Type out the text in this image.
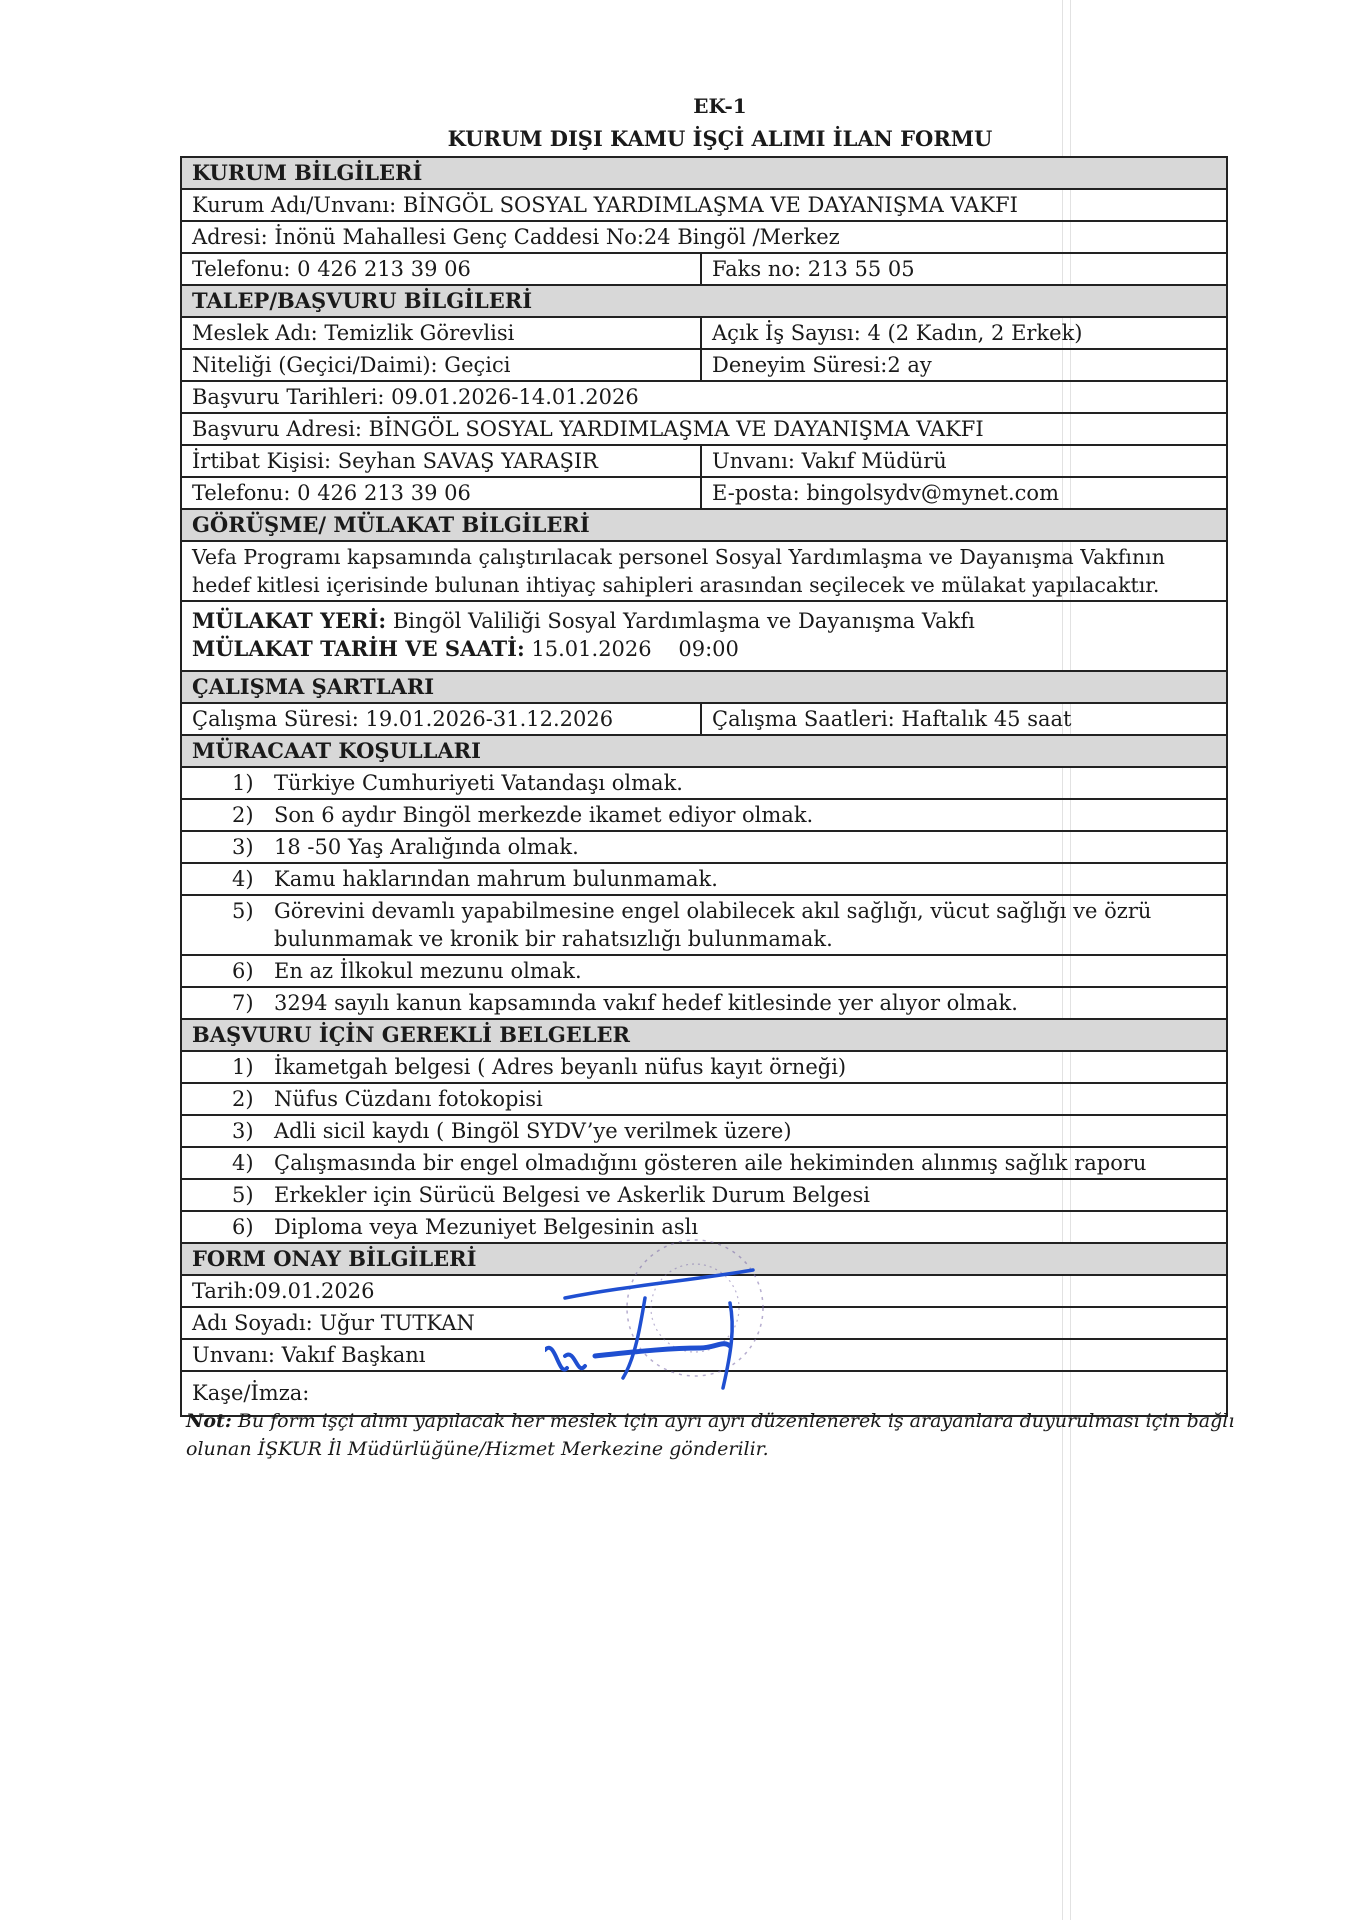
EK-1
KURUM DIŞI KAMU İŞÇİ ALIMI İLAN FORMU
KURUM BİLGİLERİ
Kurum Adı/Unvanı: BİNGÖL SOSYAL YARDIMLAŞMA VE DAYANIŞMA VAKFI
Adresi: İnönü Mahallesi Genç Caddesi No:24 Bingöl /Merkez
Telefonu: 0 426 213 39 06	Faks no: 213 55 05
TALEP/BAŞVURU BİLGİLERİ
Meslek Adı: Temizlik Görevlisi	Açık İş Sayısı: 4 (2 Kadın, 2 Erkek)
Niteliği (Geçici/Daimi): Geçici	Deneyim Süresi:2 ay
Başvuru Tarihleri: 09.01.2026-14.01.2026
Başvuru Adresi: BİNGÖL SOSYAL YARDIMLAŞMA VE DAYANIŞMA VAKFI
İrtibat Kişisi: Seyhan SAVAŞ YARAŞIR	Unvanı: Vakıf Müdürü
Telefonu: 0 426 213 39 06	E-posta: bingolsydv@mynet.com
GÖRÜŞME/ MÜLAKAT BİLGİLERİ
Vefa Programı kapsamında çalıştırılacak personel Sosyal Yardımlaşma ve Dayanışma Vakfının hedef kitlesi içerisinde bulunan ihtiyaç sahipleri arasından seçilecek ve mülakat yapılacaktır.
MÜLAKAT YERİ: Bingöl Valiliği Sosyal Yardımlaşma ve Dayanışma Vakfı
MÜLAKAT TARİH VE SAATİ: 15.01.2026 09:00
ÇALIŞMA ŞARTLARI
Çalışma Süresi: 19.01.2026-31.12.2026	Çalışma Saatleri: Haftalık 45 saat
MÜRACAAT KOŞULLARI
1) Türkiye Cumhuriyeti Vatandaşı olmak.
2) Son 6 aydır Bingöl merkezde ikamet ediyor olmak.
3) 18 -50 Yaş Aralığında olmak.
4) Kamu haklarından mahrum bulunmamak.
5) Görevini devamlı yapabilmesine engel olabilecek akıl sağlığı, vücut sağlığı ve özrü bulunmamak ve kronik bir rahatsızlığı bulunmamak.
6) En az İlkokul mezunu olmak.
7) 3294 sayılı kanun kapsamında vakıf hedef kitlesinde yer alıyor olmak.
BAŞVURU İÇİN GEREKLİ BELGELER
1) İkametgah belgesi ( Adres beyanlı nüfus kayıt örneği)
2) Nüfus Cüzdanı fotokopisi
3) Adli sicil kaydı ( Bingöl SYDV’ye verilmek üzere)
4) Çalışmasında bir engel olmadığını gösteren aile hekiminden alınmış sağlık raporu
5) Erkekler için Sürücü Belgesi ve Askerlik Durum Belgesi
6) Diploma veya Mezuniyet Belgesinin aslı
FORM ONAY BİLGİLERİ
Tarih:09.01.2026
Adı Soyadı: Uğur TUTKAN
Unvanı: Vakıf Başkanı
Kaşe/İmza:
Not: Bu form işçi alımı yapılacak her meslek için ayrı ayrı düzenlenerek iş arayanlara duyurulması için bağlı olunan İŞKUR İl Müdürlüğüne/Hizmet Merkezine gönderilir.
